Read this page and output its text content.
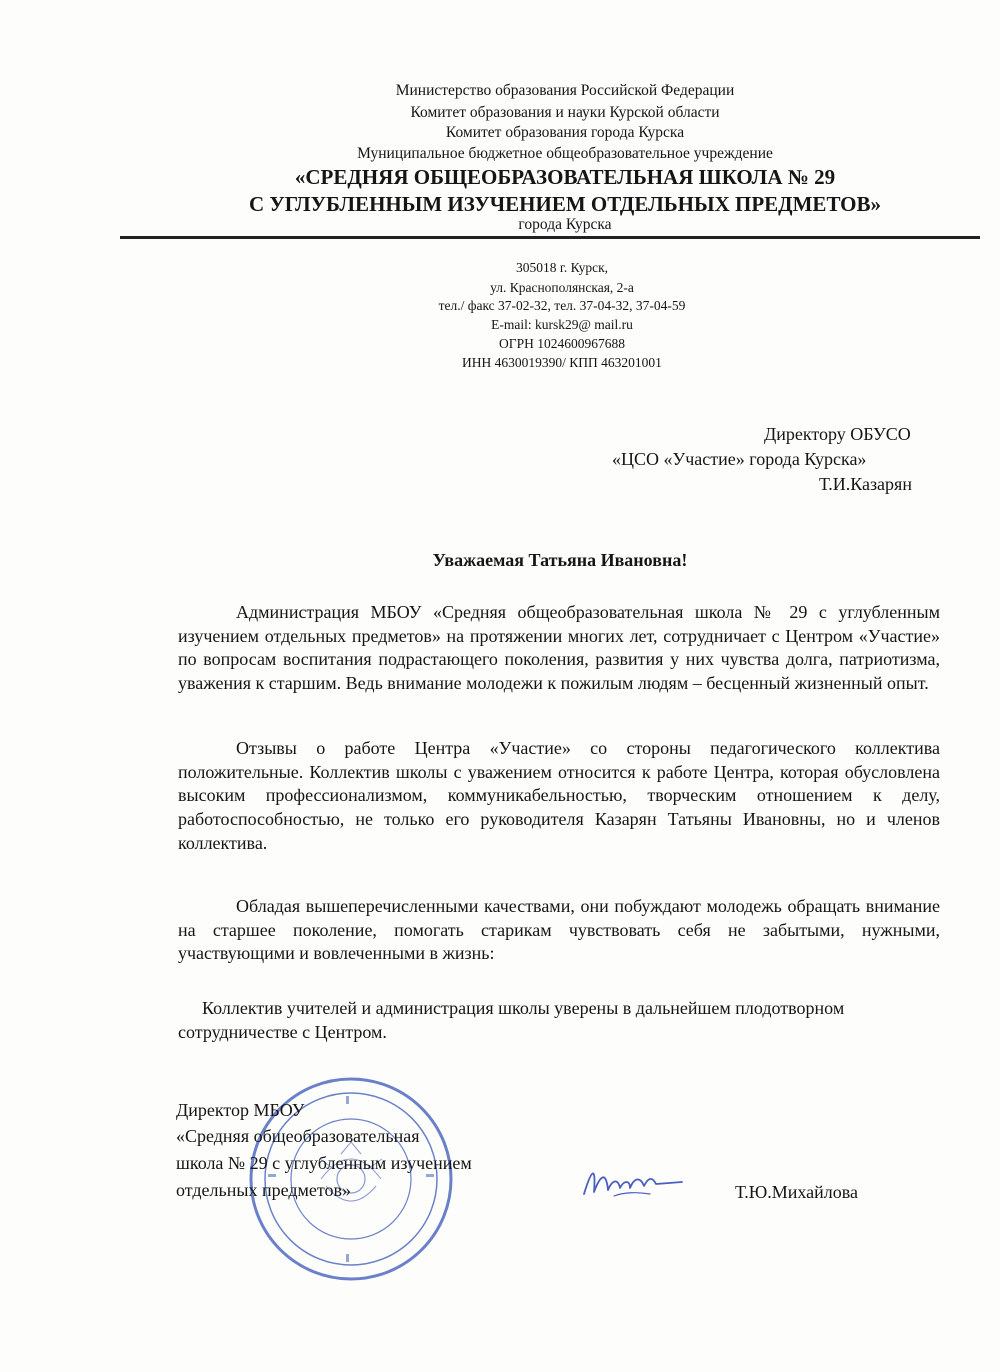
Министерство образования Российской Федерации
Комитет образования и науки Курской области
Комитет образования города Курска
Муниципальное бюджетное общеобразовательное учреждение
«СРЕДНЯЯ ОБЩЕОБРАЗОВАТЕЛЬНАЯ ШКОЛА № 29
С УГЛУБЛЕННЫМ ИЗУЧЕНИЕМ ОТДЕЛЬНЫХ ПРЕДМЕТОВ»
города Курска
305018 г. Курск,
ул. Краснополянская, 2-а
тел./ факс 37-02-32, тел. 37-04-32, 37-04-59
E-mail: kursk29@ mail.ru
ОГРН 1024600967688
ИНН 4630019390/ КПП 463201001
Директору ОБУСО
«ЦСО «Участие» города Курска»
Т.И.Казарян
Уважаемая Татьяна Ивановна!
Администрация МБОУ «Средняя общеобразовательная школа № 29 с углубленным изучением отдельных предметов» на протяжении многих лет, сотрудничает с Центром «Участие» по вопросам воспитания подрастающего поколения, развития у них чувства долга, патриотизма, уважения к старшим. Ведь внимание молодежи к пожилым людям – бесценный жизненный опыт.
Отзывы о работе Центра «Участие» со стороны педагогического коллектива положительные. Коллектив школы с уважением относится к работе Центра, которая обусловлена высоким профессионализмом, коммуникабельностью, творческим отношением к делу, работоспособностью, не только его руководителя Казарян Татьяны Ивановны, но и членов коллектива.
Обладая вышеперечисленными качествами, они побуждают молодежь обращать внимание на старшее поколение, помогать старикам чувствовать себя не забытыми, нужными, участвующими и вовлеченными в жизнь:
Коллектив учителей и администрация школы уверены в дальнейшем плодотворном сотрудничестве с Центром.
Директор МБОУ
«Средняя общеобразовательная
школа № 29 с углубленным изучением
отдельных предметов»	Т.Ю.Михайлова
